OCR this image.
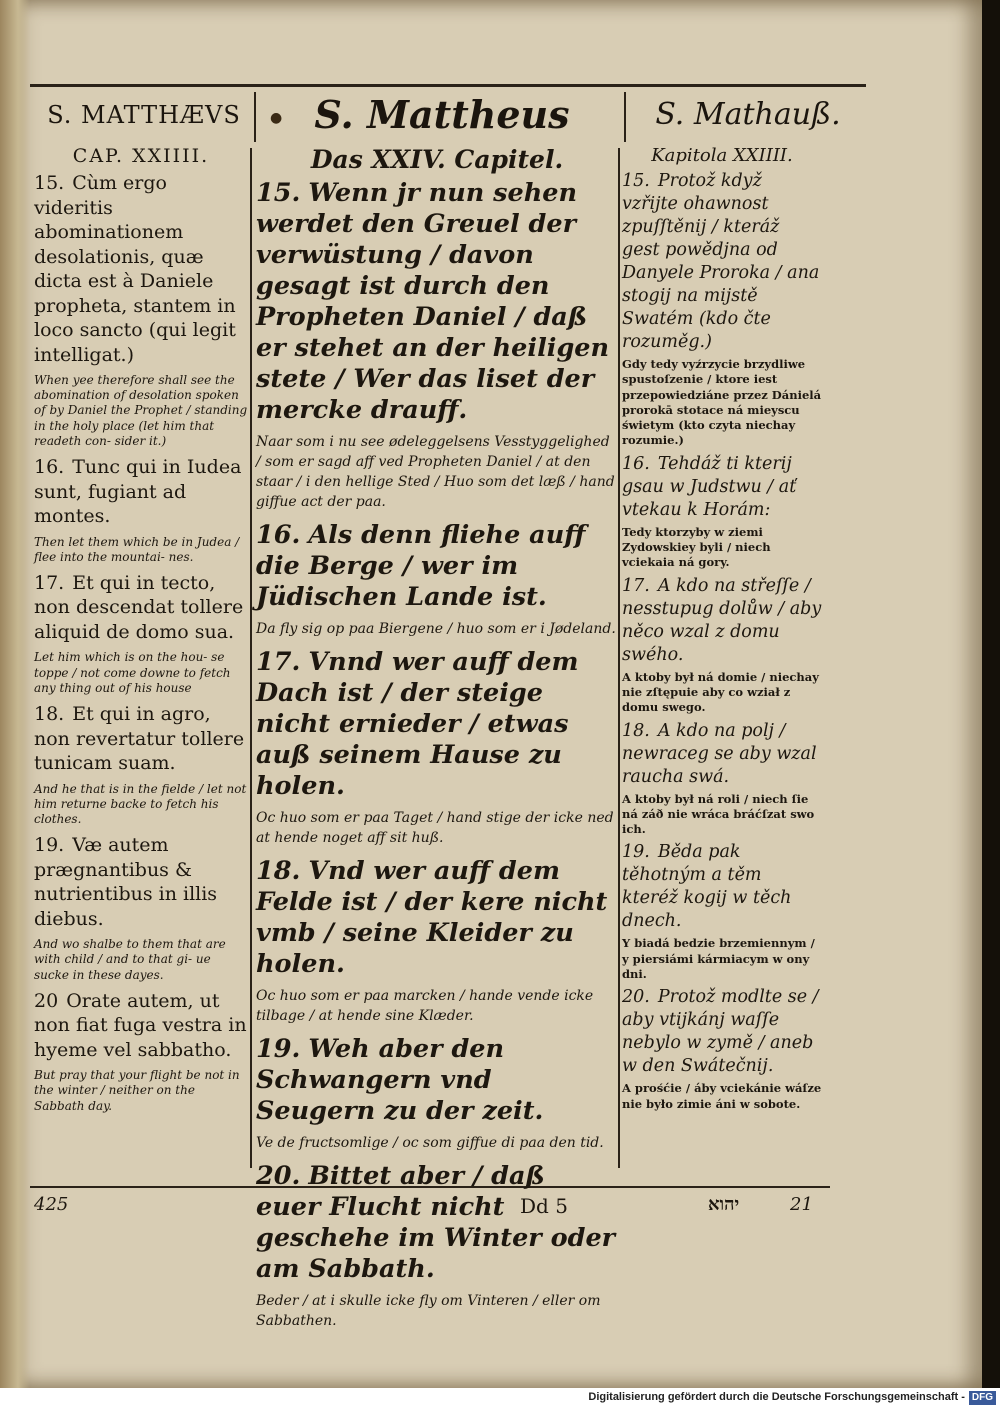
S. MATTHÆVS	● S. Mattheus	S. Mathauß.
CAP. XXIIII.

15. Cùm ergo videritis abominationem desolationis, quæ dicta est à Daniele propheta, stantem in loco sancto (qui legit intelligat.)

When yee therefore shall see the abomination of desolation spoken of by Daniel the Prophet / standing in the holy place (let him that readeth con- sider it.)

16. Tunc qui in Iudea sunt, fugiant ad montes.

Then let them which be in Judea / flee into the mountai- nes.

17. Et qui in tecto, non descendat tollere aliquid de domo sua.

Let him which is on the hou- se toppe / not come downe to fetch any thing out of his house

18. Et qui in agro, non revertatur tollere tunicam suam.

And he that is in the fielde / let not him returne backe to fetch his clothes.

19. Væ autem prægnantibus & nutrientibus in illis diebus.

And wo shalbe to them that are with child / and to that gi- ue sucke in these dayes.

20 Orate autem, ut non fiat fuga vestra in hyeme vel sabbatho.

But pray that your flight be not in the winter / neither on the Sabbath day.

Das XXIV. Capitel.

15. Wenn jr nun sehen werdet den Greuel der verwüstung / davon gesagt ist durch den Propheten Daniel / daß er stehet an der heiligen stete / Wer das liset der mercke drauff.

Naar som i nu see ødeleggelsens Vesstyggelighed / som er sagd aff ved Propheten Daniel / at den staar / i den hellige Sted / Huo som det læß / hand giffue act der paa.

16. Als denn fliehe auff die Berge / wer im Jüdischen Lande ist.

Da fly sig op paa Biergene / huo som er i Jødeland.

17. Vnnd wer auff dem Dach ist / der steige nicht ernieder / etwas auß seinem Hause zu holen.

Oc huo som er paa Taget / hand stige der icke ned at hende noget aff sit huß.

18. Vnd wer auff dem Felde ist / der kere nicht vmb / seine Kleider zu holen.

Oc huo som er paa marcken / hande vende icke tilbage / at hende sine Klæder.

19. Weh aber den Schwangern vnd Seugern zu der zeit.

Ve de fructsomlige / oc som giffue di paa den tid.

20. Bittet aber / daß euer Flucht nicht geschehe im Winter oder am Sabbath.

Beder / at i skulle icke fly om Vinteren / eller om Sabbathen.

Kapitola XXIIII.

15. Protož když vzřijte ohawnost zpuſſtěnij / kteráž gest powědjna od Danyele Proroka / ana stogij na mijstě Swatém (kdo čte rozuměg.)

Gdy tedy vyźrzycie brzydliwe spustoſzenie / ktore iest przepowiedziáne przez Dánielá prorokā stotace ná mieyscu świetym (kto czyta niechay rozumie.)

16. Tehdáž ti kterij gsau w Judstwu / ať vtekau k Horám:

Tedy ktorzyby w ziemi Zydowskiey byli / niech vciekaia ná gory.

17. A kdo na střeſſe / nesstupug dolůw / aby něco wzal z domu swého.

A ktoby był ná domie / niechay nie zſtępuie aby co wział z domu swego.

18. A kdo na polj / newraceg se aby wzal raucha swá.

A ktoby był ná roli / niech ſie ná záð nie wráca bráćſzat swo ich.

19. Běda pak těhotným a těm kteréž kogij w těch dnech.

Y biadá bedzie brzemiennym / y piersiámi kármiacym w ony dni.

20. Protož modlte se / aby vtijkánj waſſe nebylo w zymě / aneb w den Swátečnij.

A prośćie / áby vciekánie wáſze nie było zimie áni w sobote.

425	Dd 5	יהוא	21
Digitalisierung gefördert durch die Deutsche Forschungsgemeinschaft - DFG
